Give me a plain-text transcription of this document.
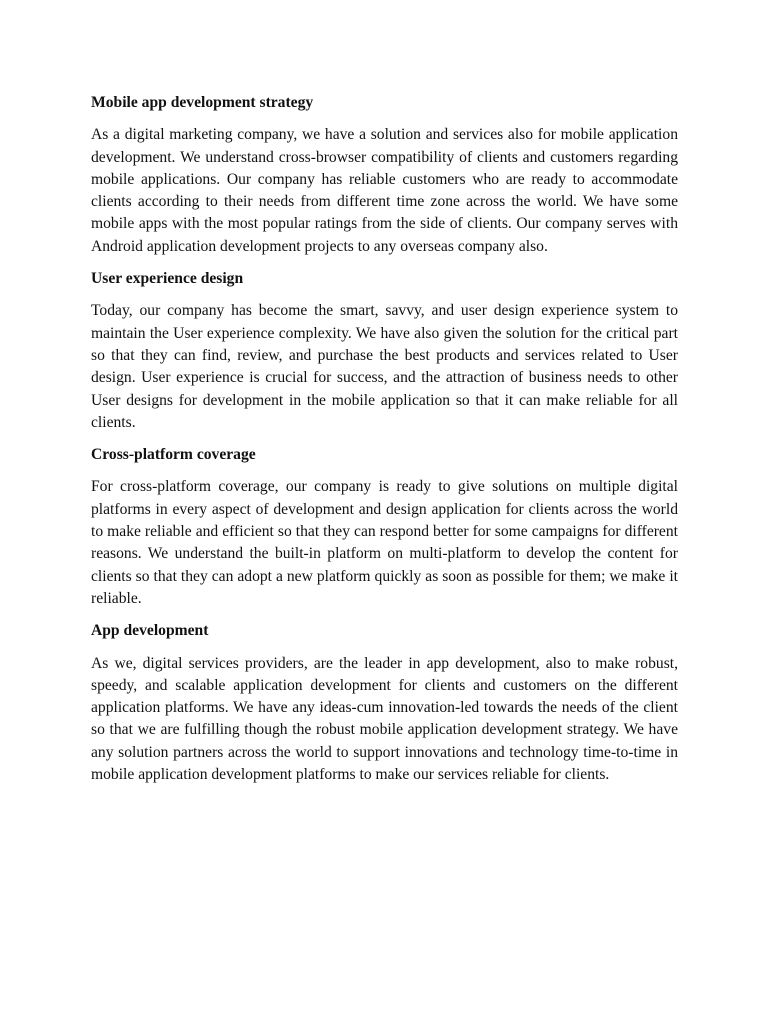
Mobile app development strategy

As a digital marketing company, we have a solution and services also for mobile application development. We understand cross-browser compatibility of clients and customers regarding mobile applications. Our company has reliable customers who are ready to accommodate clients according to their needs from different time zone across the world. We have some mobile apps with the most popular ratings from the side of clients. Our company serves with Android application development projects to any overseas company also.

User experience design

Today, our company has become the smart, savvy, and user design experience system to maintain the User experience complexity. We have also given the solution for the critical part so that they can find, review, and purchase the best products and services related to User design. User experience is crucial for success, and the attraction of business needs to other User designs for development in the mobile application so that it can make reliable for all clients.

Cross-platform coverage

For cross-platform coverage, our company is ready to give solutions on multiple digital platforms in every aspect of development and design application for clients across the world to make reliable and efficient so that they can respond better for some campaigns for different reasons. We understand the built-in platform on multi-platform to develop the content for clients so that they can adopt a new platform quickly as soon as possible for them; we make it reliable.

App development

As we, digital services providers, are the leader in app development, also to make robust, speedy, and scalable application development for clients and customers on the different application platforms. We have any ideas-cum innovation-led towards the needs of the client so that we are fulfilling though the robust mobile application development strategy. We have any solution partners across the world to support innovations and technology time-to-time in mobile application development platforms to make our services reliable for clients.
